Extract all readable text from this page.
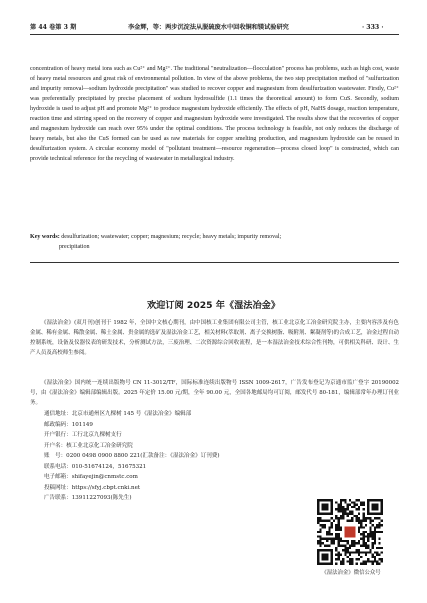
第 44 卷第 3 期	李金辉，等：两步沉淀法从脱硫废水中回收铜和镁试验研究	· 333 ·

concentration of heavy metal ions such as Cu²⁺ and Mg²⁺. The traditional "neutralization—flocculation" process has problems, such as high cost, waste of heavy metal resources and great risk of environmental pollution. In view of the above problems, the two step precipitation method of "sulfurization and impurity removal—sodium hydroxide precipitation" was studied to recover copper and magnesium from desulfurization wastewater. Firstly, Cu²⁺ was preferentially precipitated by precise placement of sodium hydrosulfide (1.1 times the theoretical amount) to form CuS. Secondly, sodium hydroxide is used to adjust pH and promote Mg²⁺ to produce magnesium hydroxide efficiently. The effects of pH, NaHS dosage, reaction temperature, reaction time and stirring speed on the recovery of copper and magnesium hydroxide were investigated. The results show that the recoveries of copper and magnesium hydroxide can reach over 95% under the optimal conditions. The process technology is feasible, not only reduces the discharge of heavy metals, but also the CuS formed can be used as raw materials for copper smelting production, and magnesium hydroxide can be reused in desulfurization system. A circular economy model of "pollutant treatment—resource regeneration—process closed loop" is constructed, which can provide technical reference for the recycling of wastewater in metallurgical industry.

Key words: desulfurization; wastewater; copper; magnesium; recycle; heavy metals; impurity removal;
precipitation
欢迎订阅 2025 年《湿法冶金》

《湿法冶金》(双月刊)创刊于 1982 年，全国中文核心期刊，由中国核工业集团有限公司主管，核工业北京化工冶金研究院主办，主要内容涉及有色金属、稀有金属、稀散金属、稀土金属、贵金属的选矿及湿法冶金工艺，相关材料(萃取剂、离子交换树脂、吸附剂、絮凝剂等)的合成工艺，冶金过程自动控制系统，设备及仪器仪表的研发技术，分析测试方法，三废治理、二次资源综合回收流程，是一本湿法冶金技术综合性刊物，可供相关科研、设计、生产人员及高校师生参阅。

《湿法冶金》国内统一连续出版物号 CN 11-3012/TF，国际标准连续出版物号 ISSN 1009-2617，广告发布登记为京通市监广登字 20190002 号，由《湿法冶金》编辑部编辑出版。2025 年定价 15.00 元/期，全年 90.00 元，全国各地邮局均可订阅，邮发代号 80-181，编辑部常年办理订刊业务。

通信地址：北京市通州区九棵树 145 号《湿法冶金》编辑部
邮政编码：101149
开户银行：工行北京九棵树支行
开户名：核工业北京化工冶金研究院
账　号：0200 0498 0900 8800 221(汇款备注：《湿法冶金》订刊费)
联系电话：010-51674124，51675321
电子邮箱：shifayejin@cnmstc.com
投稿网址：https://sfyj.cbpt.cnki.net
广告联系：13911227093(陈先生)
《湿法冶金》微信公众号
